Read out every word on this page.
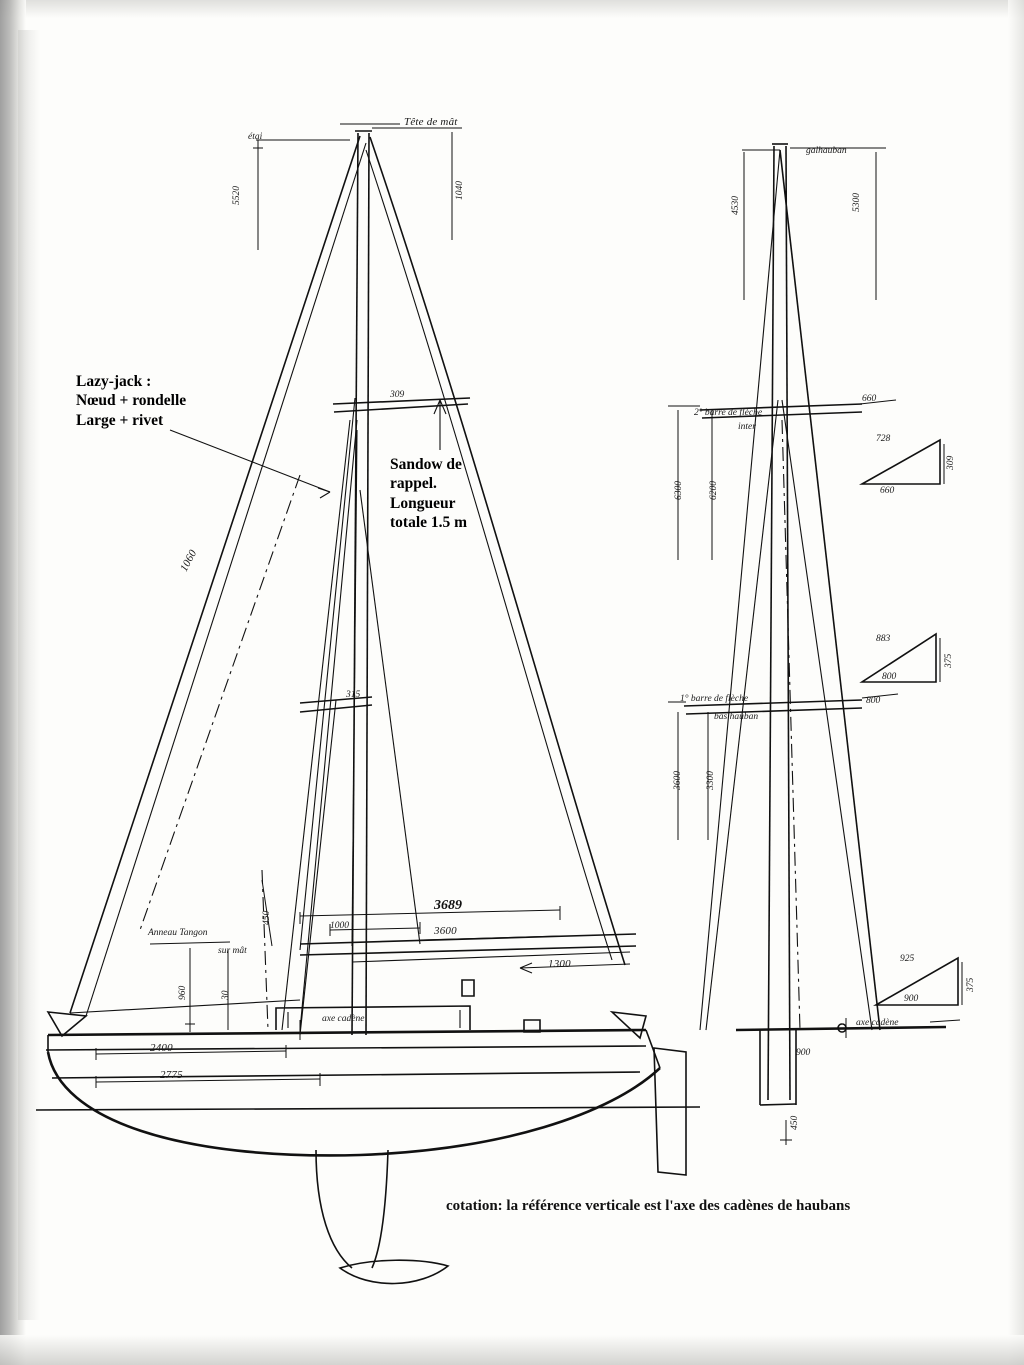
Tête de mât
étai
5520	1040
309
1060
315
450
3689
3600
1000
1300
960	30
2400
2775
Anneau Tangon
sur mât
axe cadène
Lazy-jack :
Nœud + rondelle
Large + rivet
Sandow de
rappel.
Longueur
totale 1.5 m
galhauban
5300
4530
660
2° barre de flèche
inter
6300	6200
728
660
309
1° barre de flèche
bas hauban
800
883
800
375
3600 3300
925
900
375
axe cadène
900
450
cotation: la référence verticale est l'axe des cadènes de haubans
